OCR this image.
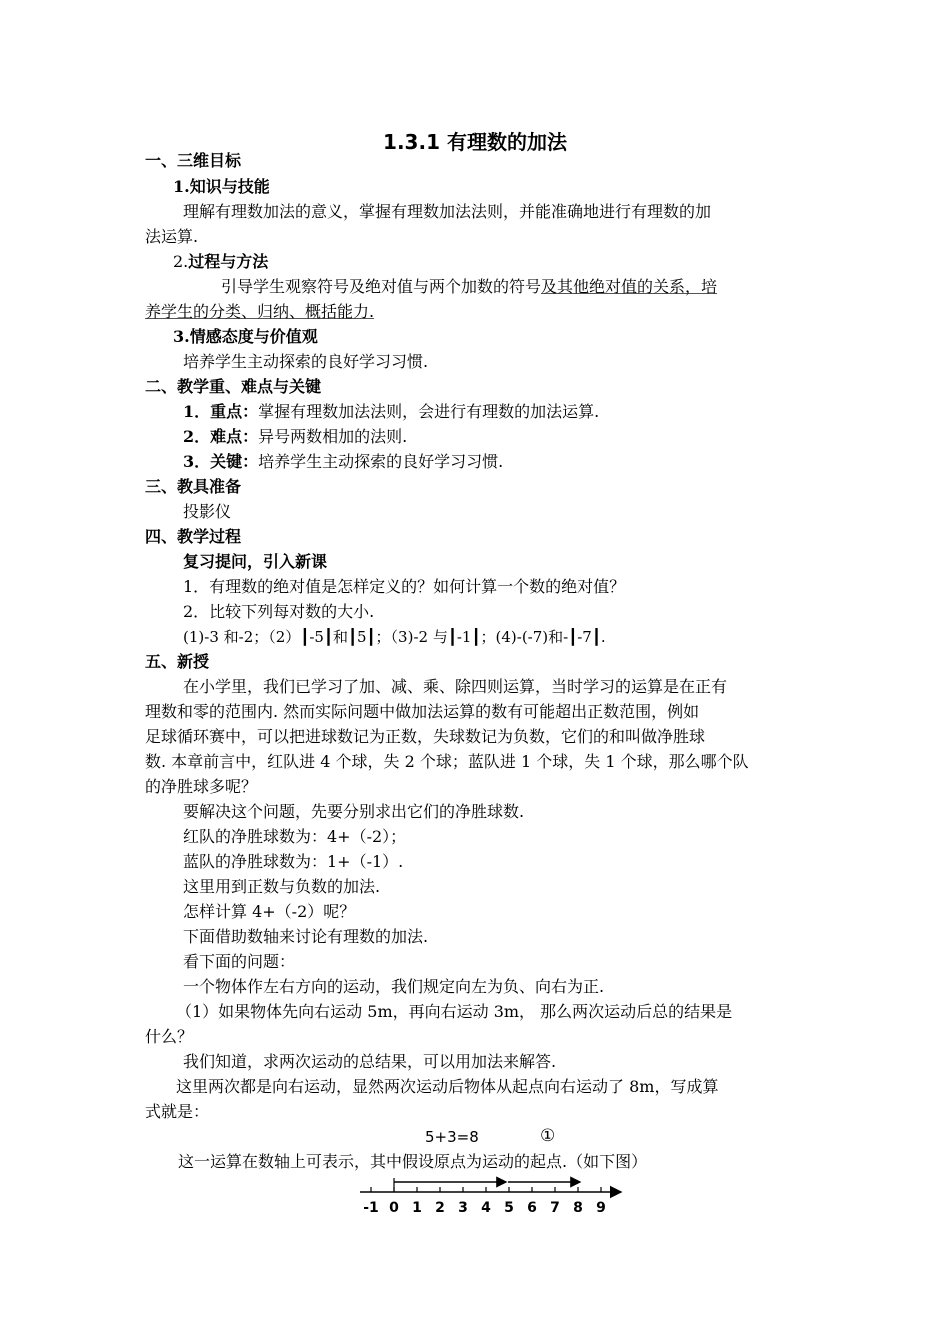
1.3.1 有理数的加法
一、三维目标
1.知识与技能
理解有理数加法的意义，掌握有理数加法法则，并能准确地进行有理数的加
法运算.
2.过程与方法
引导学生观察符号及绝对值与两个加数的符号及其他绝对值的关系，培
养学生的分类、归纳、概括能力.
3.情感态度与价值观
培养学生主动探索的良好学习习惯.
二、教学重、难点与关键
1．重点：掌握有理数加法法则，会进行有理数的加法运算.
2．难点：异号两数相加的法则.
3．关键：培养学生主动探索的良好学习习惯.
三、教具准备
投影仪
四、教学过程
复习提问，引入新课
1．有理数的绝对值是怎样定义的？如何计算一个数的绝对值？
2．比较下列每对数的大小.
(1)-3 和-2；（2）┃-5┃和┃5┃；（3)-2 与┃-1┃；(4)-(-7)和-┃-7┃.
五、新授
在小学里，我们已学习了加、减、乘、除四则运算，当时学习的运算是在正有
理数和零的范围内. 然而实际问题中做加法运算的数有可能超出正数范围，例如
足球循环赛中，可以把进球数记为正数，失球数记为负数，它们的和叫做净胜球
数. 本章前言中，红队进 4 个球，失 2 个球；蓝队进 1 个球，失 1 个球，那么哪个队
的净胜球多呢？
要解决这个问题，先要分别求出它们的净胜球数.
红队的净胜球数为：4+（-2）；
蓝队的净胜球数为：1+（-1）.
这里用到正数与负数的加法.
怎样计算 4+（-2）呢？
下面借助数轴来讨论有理数的加法.
看下面的问题：
一个物体作左右方向的运动，我们规定向左为负、向右为正.
（1）如果物体先向右运动 5m，再向右运动 3m， 那么两次运动后总的结果是
什么？
我们知道，求两次运动的总结果，可以用加法来解答.
这里两次都是向右运动，显然两次运动后物体从起点向右运动了 8m，写成算
式就是：
5+3=8	①
这一运算在数轴上可表示，其中假设原点为运动的起点.（如下图）
-1 0 1 2 3 4 5 6 7 8 9
